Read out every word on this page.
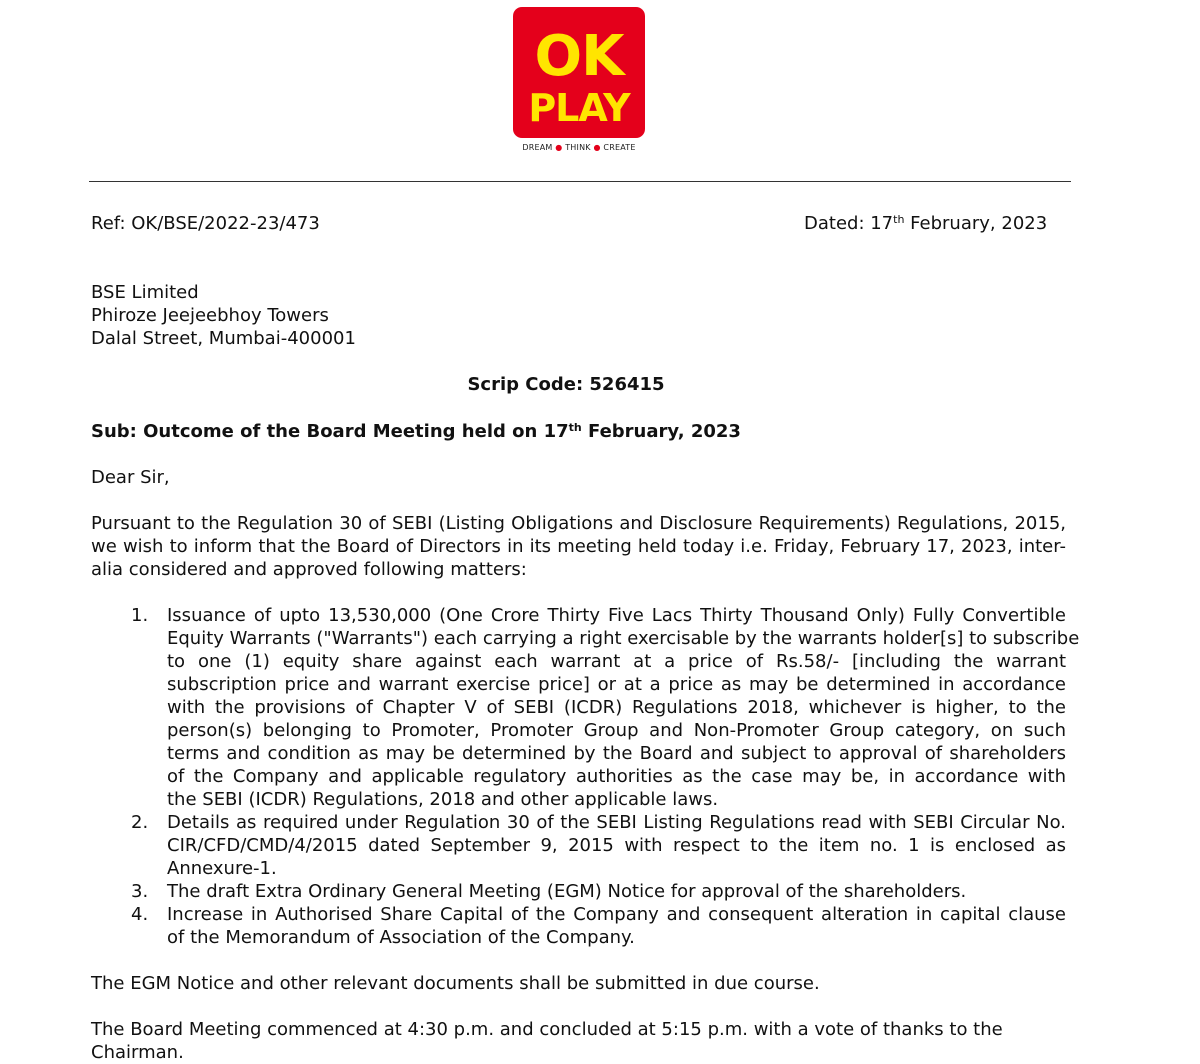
OK
PLAY
DREAM ● THINK ● CREATE
Ref: OK/BSE/2022-23/473	Dated: 17th February, 2023
BSE Limited
Phiroze Jeejeebhoy Towers
Dalal Street, Mumbai-400001
Scrip Code: 526415
Sub: Outcome of the Board Meeting held on 17th February, 2023
Dear Sir,
Pursuant to the Regulation 30 of SEBI (Listing Obligations and Disclosure Requirements) Regulations, 2015,
we wish to inform that the Board of Directors in its meeting held today i.e. Friday, February 17, 2023, inter-
alia considered and approved following matters:
1. Issuance of upto 13,530,000 (One Crore Thirty Five Lacs Thirty Thousand Only) Fully Convertible
Equity Warrants ("Warrants") each carrying a right exercisable by the warrants holder[s] to subscribe
to one (1) equity share against each warrant at a price of Rs.58/- [including the warrant
subscription price and warrant exercise price] or at a price as may be determined in accordance
with the provisions of Chapter V of SEBI (ICDR) Regulations 2018, whichever is higher, to the
person(s) belonging to Promoter, Promoter Group and Non-Promoter Group category, on such
terms and condition as may be determined by the Board and subject to approval of shareholders
of the Company and applicable regulatory authorities as the case may be, in accordance with
the SEBI (ICDR) Regulations, 2018 and other applicable laws.
2. Details as required under Regulation 30 of the SEBI Listing Regulations read with SEBI Circular No.
CIR/CFD/CMD/4/2015 dated September 9, 2015 with respect to the item no. 1 is enclosed as
Annexure-1.
3. The draft Extra Ordinary General Meeting (EGM) Notice for approval of the shareholders.
4. Increase in Authorised Share Capital of the Company and consequent alteration in capital clause
of the Memorandum of Association of the Company.
The EGM Notice and other relevant documents shall be submitted in due course.
The Board Meeting commenced at 4:30 p.m. and concluded at 5:15 p.m. with a vote of thanks to the
Chairman.
